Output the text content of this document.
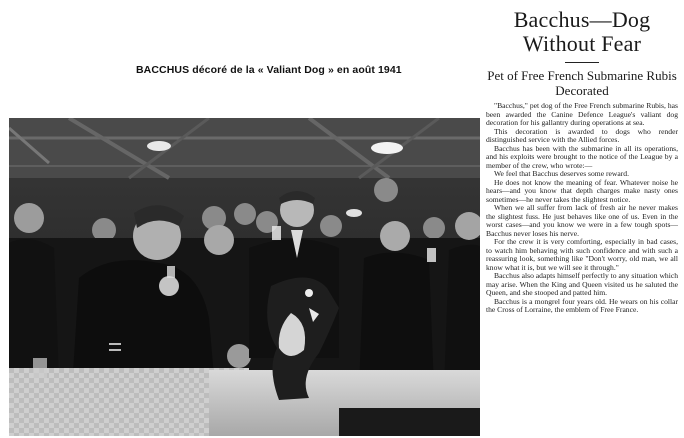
BACCHUS décoré de la « Valiant Dog » en août 1941
Bacchus—Dog Without Fear
Pet of Free French Submarine Rubis Decorated

"Bacchus," pet dog of the Free French submarine Rubis, has been awarded the Canine Defence League's valiant dog decoration for his gallantry during operations at sea.

This decoration is awarded to dogs who render distinguished service with the Allied forces.

Bacchus has been with the submarine in all its operations, and his exploits were brought to the notice of the League by a member of the crew, who wrote:—

We feel that Bacchus deserves some reward.

He does not know the meaning of fear. Whatever noise he hears—and you know that depth charges make nasty ones sometimes—he never takes the slightest notice.

When we all suffer from lack of fresh air he never makes the slightest fuss. He just behaves like one of us. Even in the worst cases—and you know we were in a few tough spots—Bacchus never loses his nerve.

For the crew it is very comforting, especially in bad cases, to watch him behaving with such confidence and with such a reassuring look, something like "Don't worry, old man, we all know what it is, but we will see it through."

Bacchus also adapts himself perfectly to any situation which may arise. When the King and Queen visited us he saluted the Queen, and she stooped and patted him.

Bacchus is a mongrel four years old. He wears on his collar the Cross of Lorraine, the emblem of Free France.
